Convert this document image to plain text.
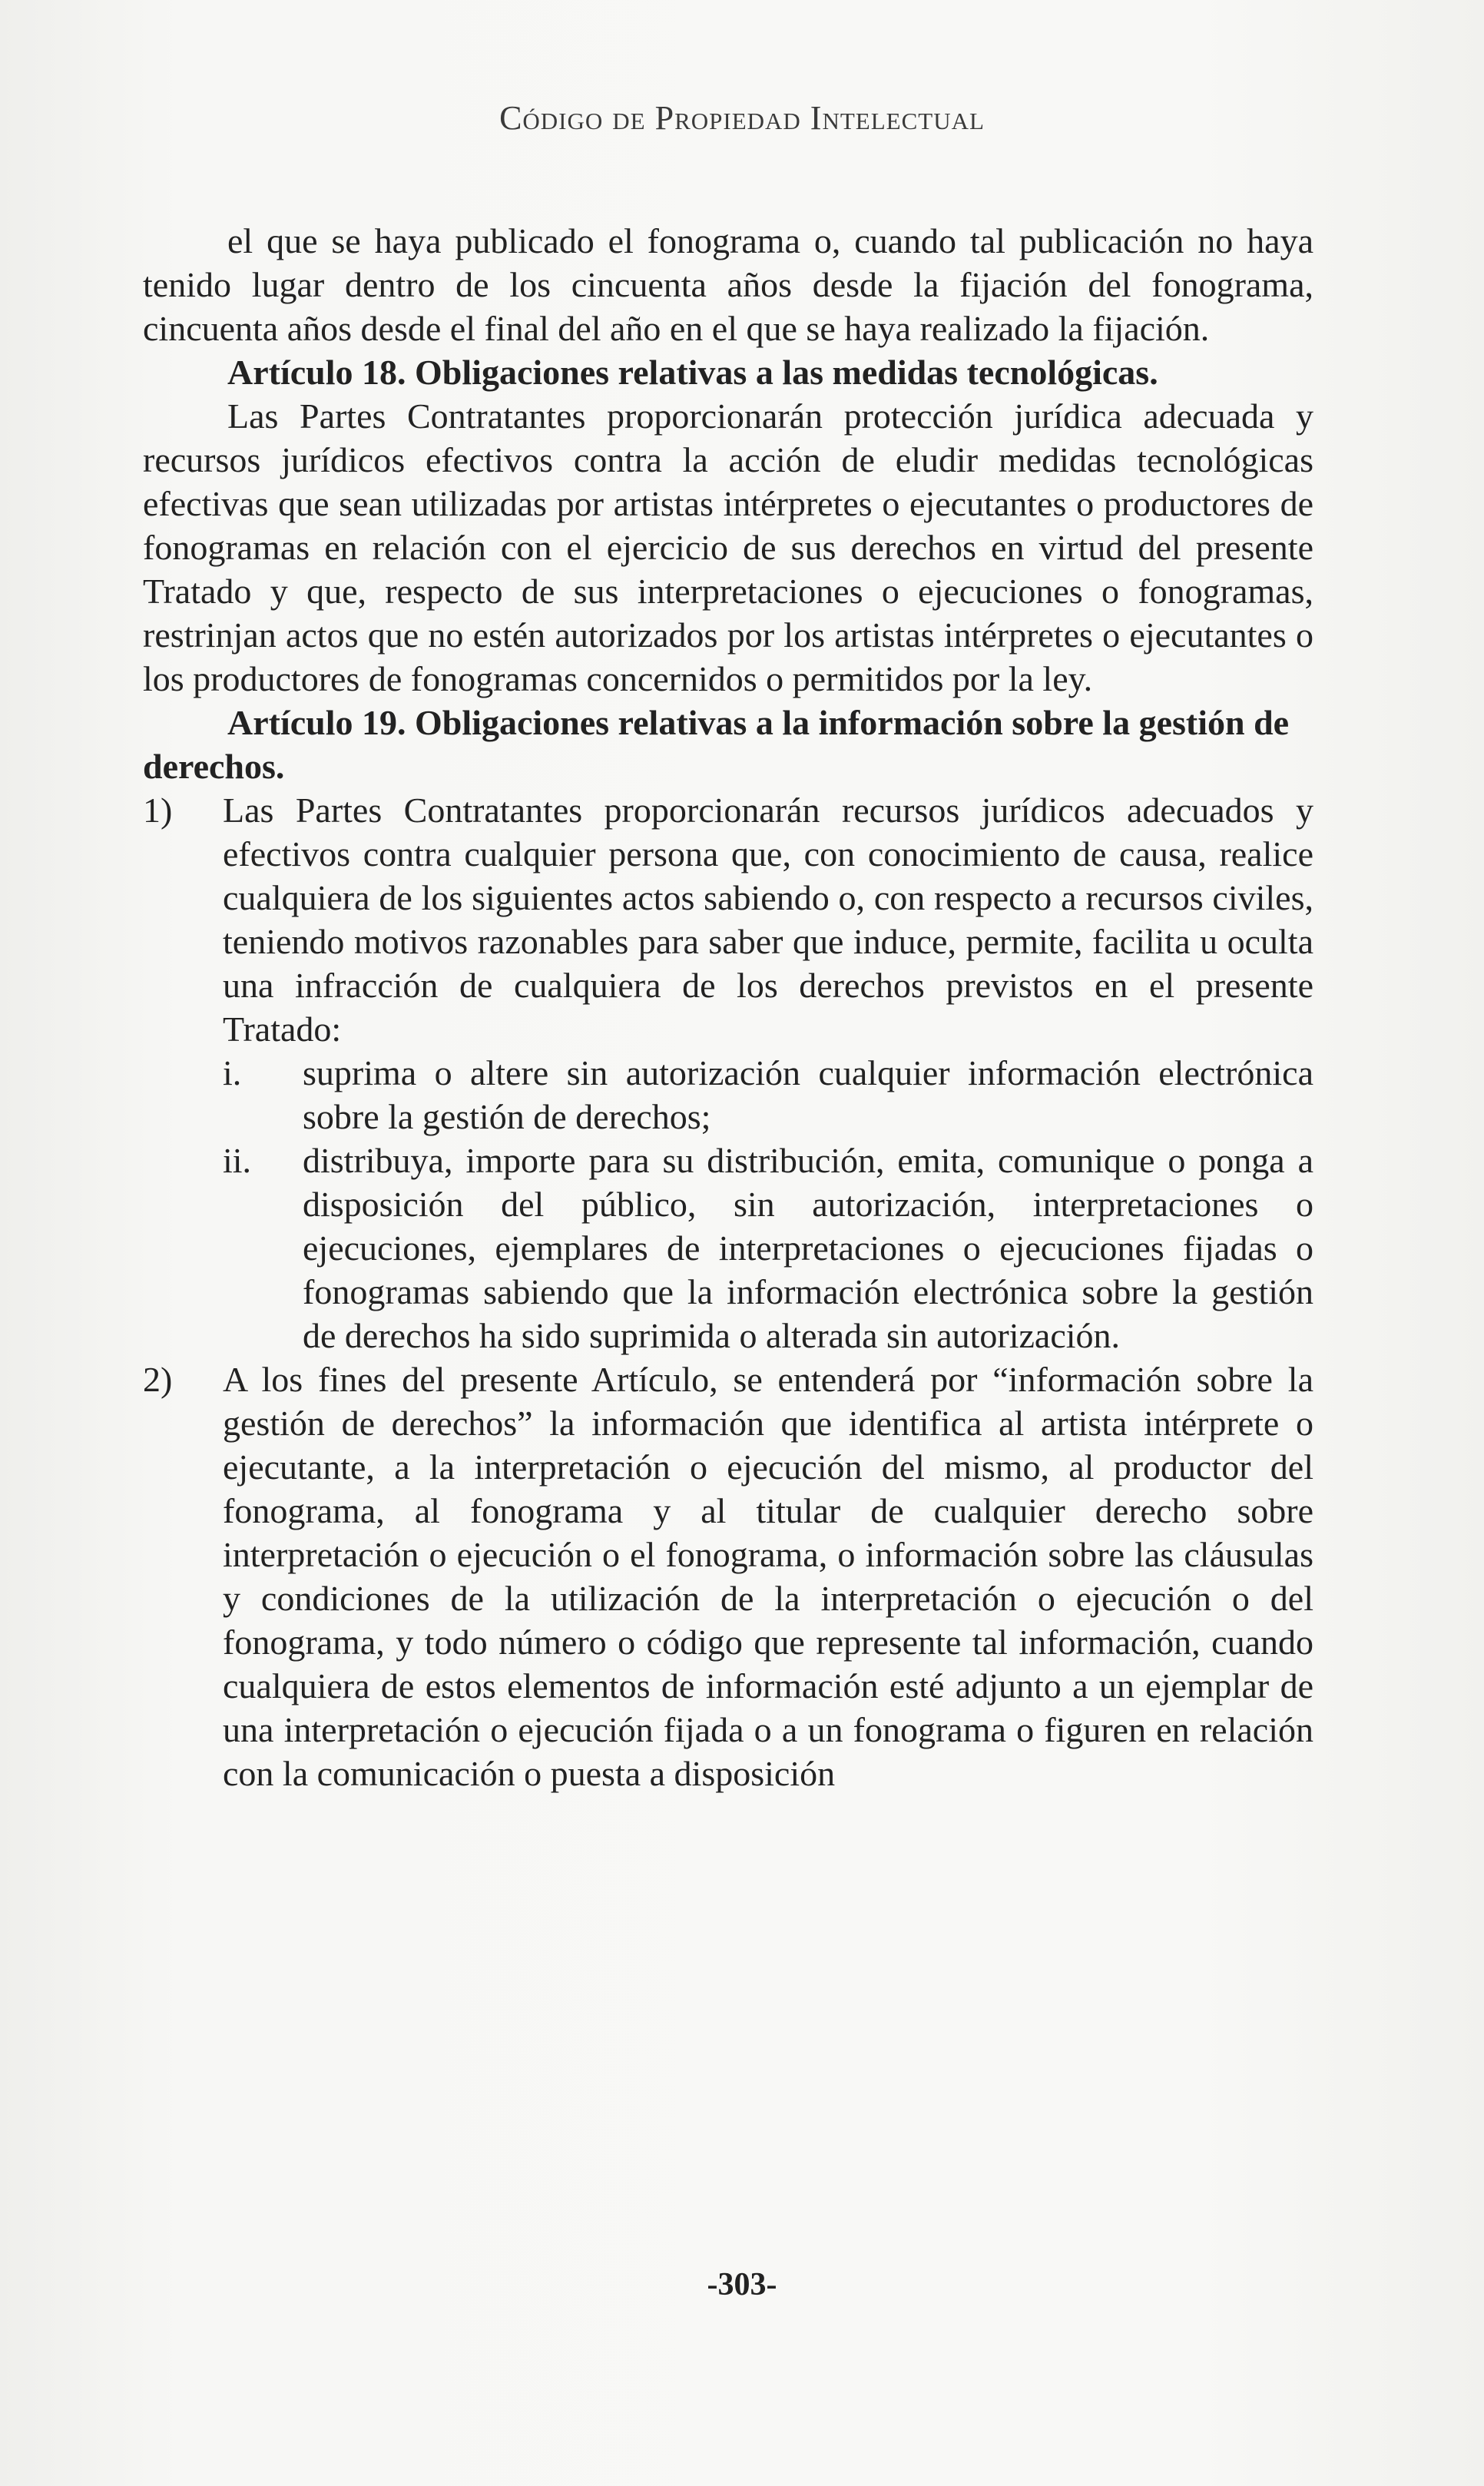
Código de Propiedad Intelectual

el que se haya publicado el fonograma o, cuando tal publicación no haya tenido lugar dentro de los cincuenta años desde la fijación del fonograma, cincuenta años desde el final del año en el que se haya realizado la fijación.

Artículo 18. Obligaciones relativas a las medidas tecnológicas.

Las Partes Contratantes proporcionarán protección jurídica adecuada y recursos jurídicos efectivos contra la acción de eludir medidas tecnológicas efectivas que sean utilizadas por artistas intérpretes o ejecutantes o productores de fonogramas en relación con el ejercicio de sus derechos en virtud del presente Tratado y que, respecto de sus interpretaciones o ejecuciones o fonogramas, restrinjan actos que no estén autorizados por los artistas intérpretes o ejecutantes o los productores de fonogramas concernidos o permitidos por la ley.

Artículo 19. Obligaciones relativas a la información sobre la gestión de derechos.

1)	Las Partes Contratantes proporcionarán recursos jurídicos adecuados y efectivos contra cualquier persona que, con conocimiento de causa, realice cualquiera de los siguientes actos sabiendo o, con respecto a recursos civiles, teniendo motivos razonables para saber que induce, permite, facilita u oculta una infracción de cualquiera de los derechos previstos en el presente Tratado:

i.	suprima o altere sin autorización cualquier información electrónica sobre la gestión de derechos;

ii.	distribuya, importe para su distribución, emita, comunique o ponga a disposición del público, sin autorización, interpretaciones o ejecuciones, ejemplares de interpretaciones o ejecuciones fijadas o fonogramas sabiendo que la información electrónica sobre la gestión de derechos ha sido suprimida o alterada sin autorización.

2)	A los fines del presente Artículo, se entenderá por “información sobre la gestión de derechos” la información que identifica al artista intérprete o ejecutante, a la interpretación o ejecución del mismo, al productor del fonograma, al fonograma y al titular de cualquier derecho sobre interpretación o ejecución o el fonograma, o información sobre las cláusulas y condiciones de la utilización de la interpretación o ejecución o del fonograma, y todo número o código que represente tal información, cuando cualquiera de estos elementos de información esté adjunto a un ejemplar de una interpretación o ejecución fijada o a un fonograma o figuren en relación con la comunicación o puesta a disposición

-303-
